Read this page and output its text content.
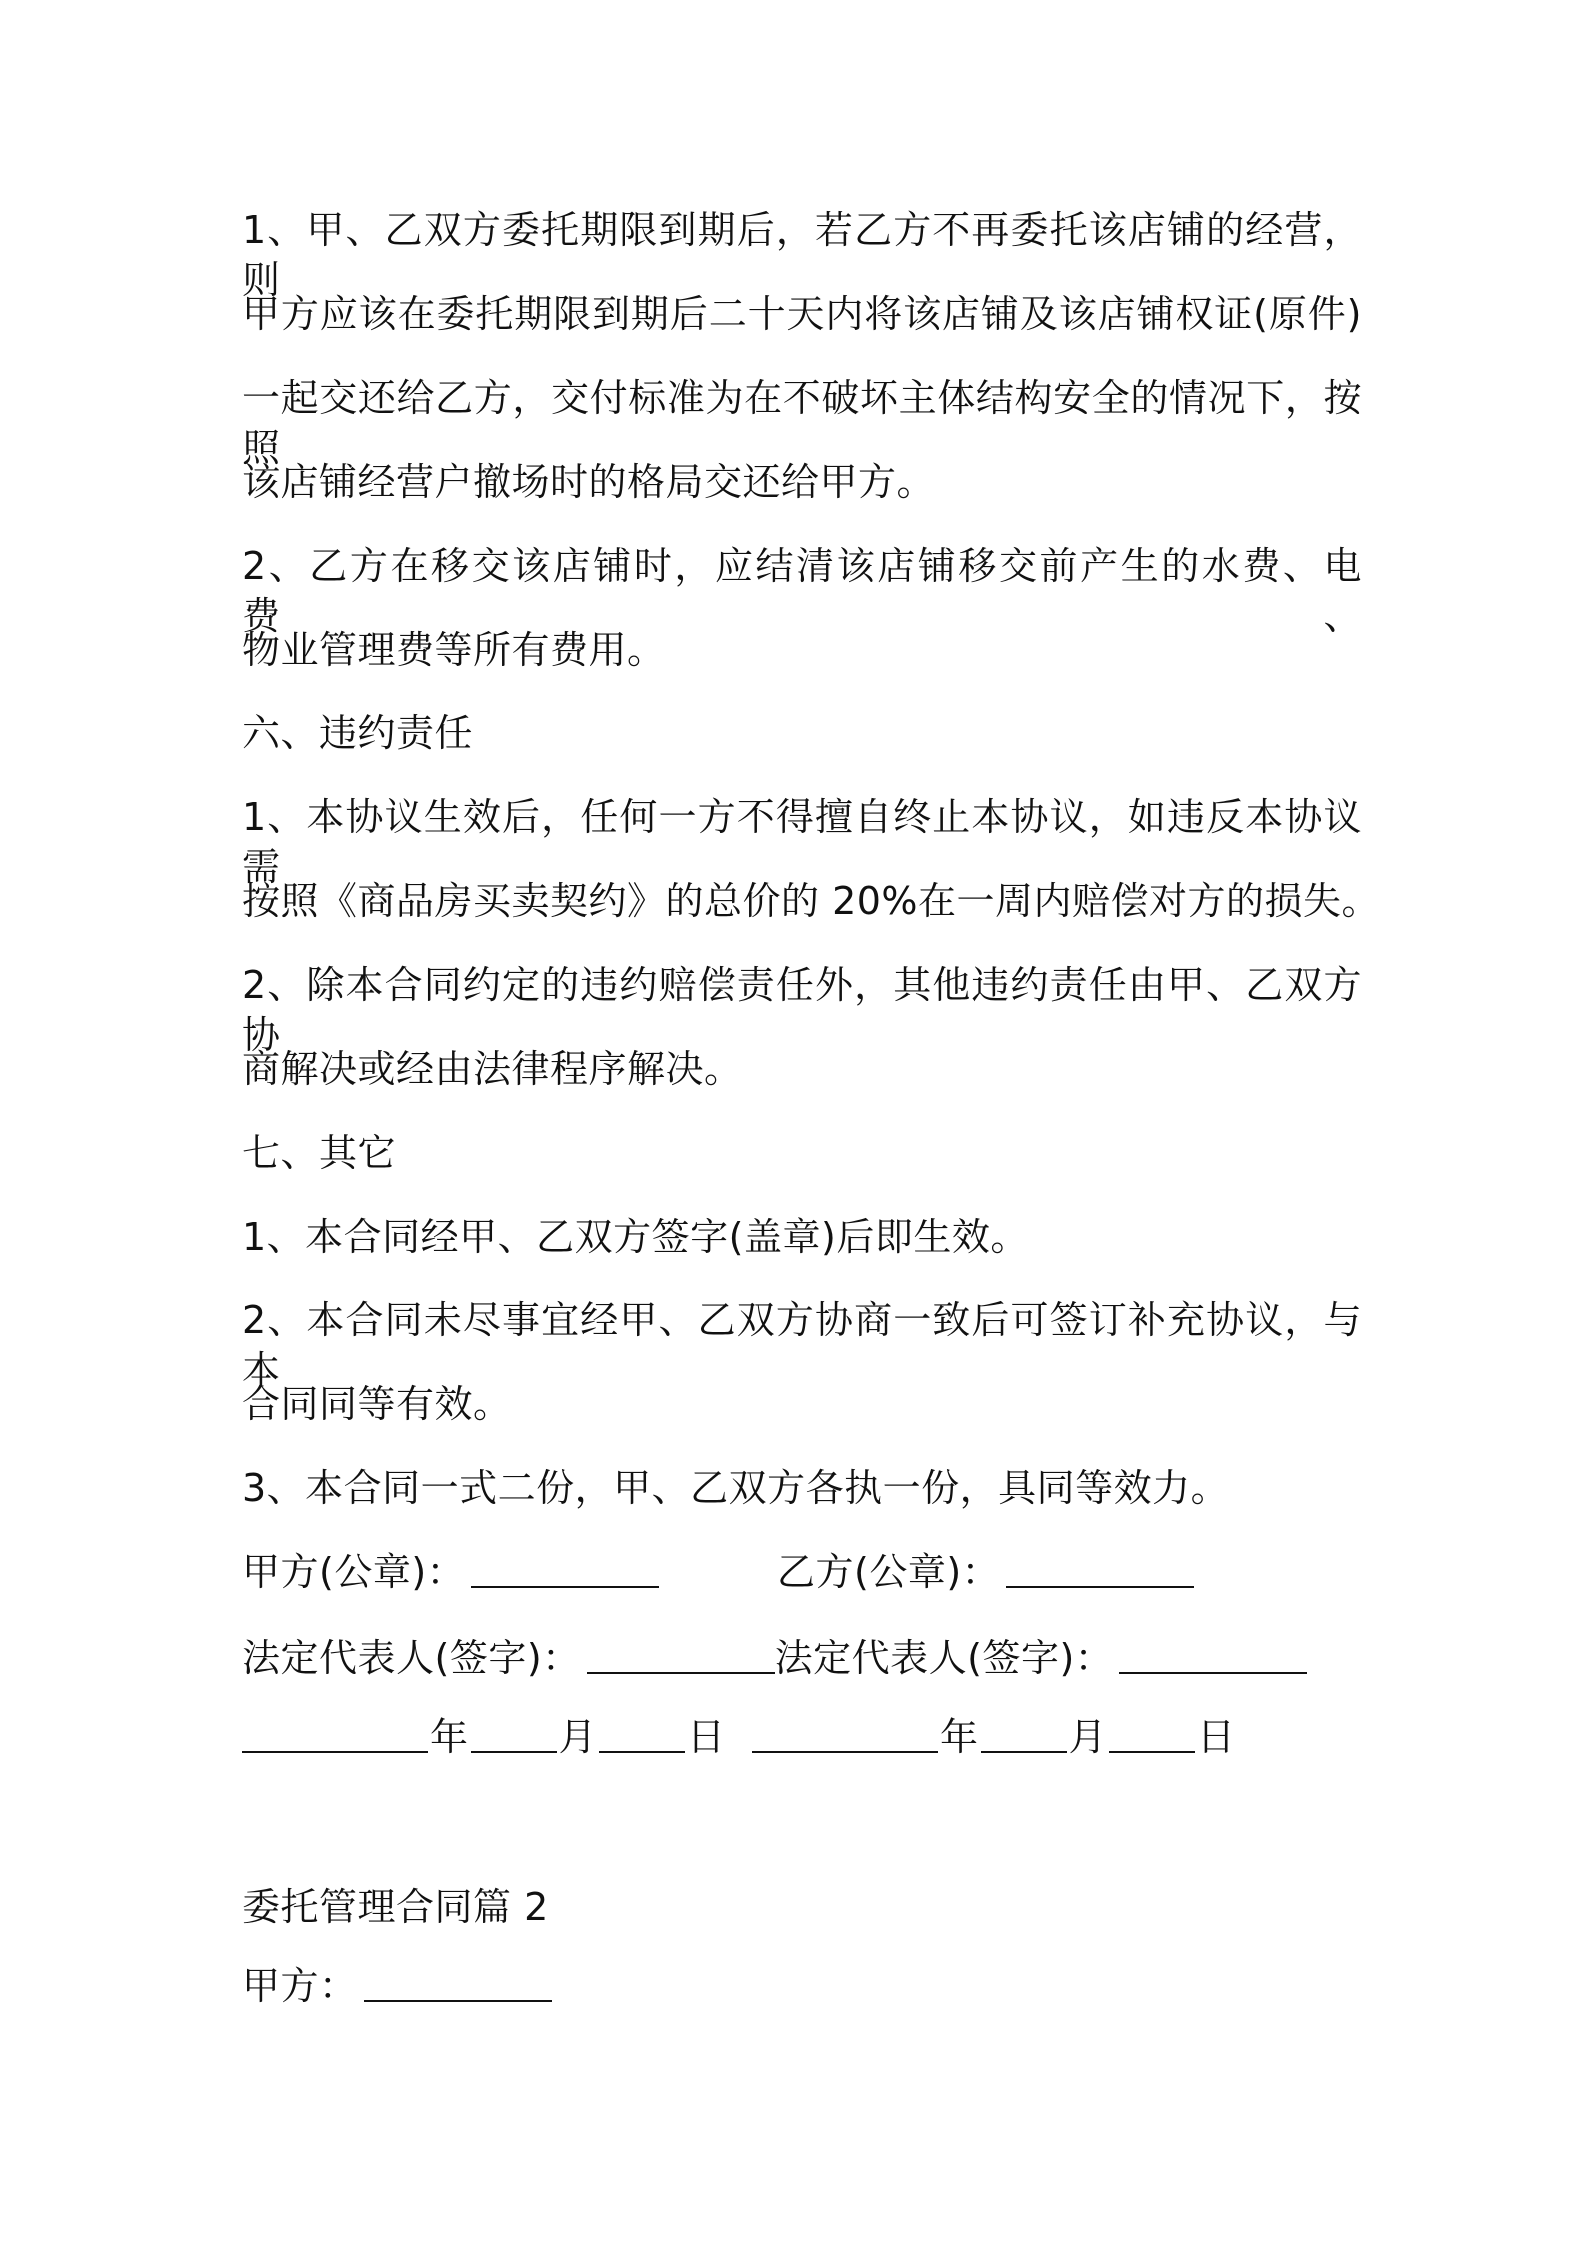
1、甲、乙双方委托期限到期后，若乙方不再委托该店铺的经营，则
甲方应该在委托期限到期后二十天内将该店铺及该店铺权证(原件)
一起交还给乙方，交付标准为在不破坏主体结构安全的情况下，按照
该店铺经营户撤场时的格局交还给甲方。
2、乙方在移交该店铺时，应结清该店铺移交前产生的水费、电费、
物业管理费等所有费用。
六、违约责任
1、本协议生效后，任何一方不得擅自终止本协议，如违反本协议需
按照《商品房买卖契约》的总价的 20%在一周内赔偿对方的损失。
2、除本合同约定的违约赔偿责任外，其他违约责任由甲、乙双方协
商解决或经由法律程序解决。
七、其它
1、本合同经甲、乙双方签字(盖章)后即生效。
2、本合同未尽事宜经甲、乙双方协商一致后可签订补充协议，与本
合同同等有效。
3、本合同一式二份，甲、乙双方各执一份，具同等效力。
甲方(公章)：	乙方(公章)：
法定代表人(签字)：	法定代表人(签字)：
年 月 日	年 月 日
委托管理合同篇 2
甲方：
